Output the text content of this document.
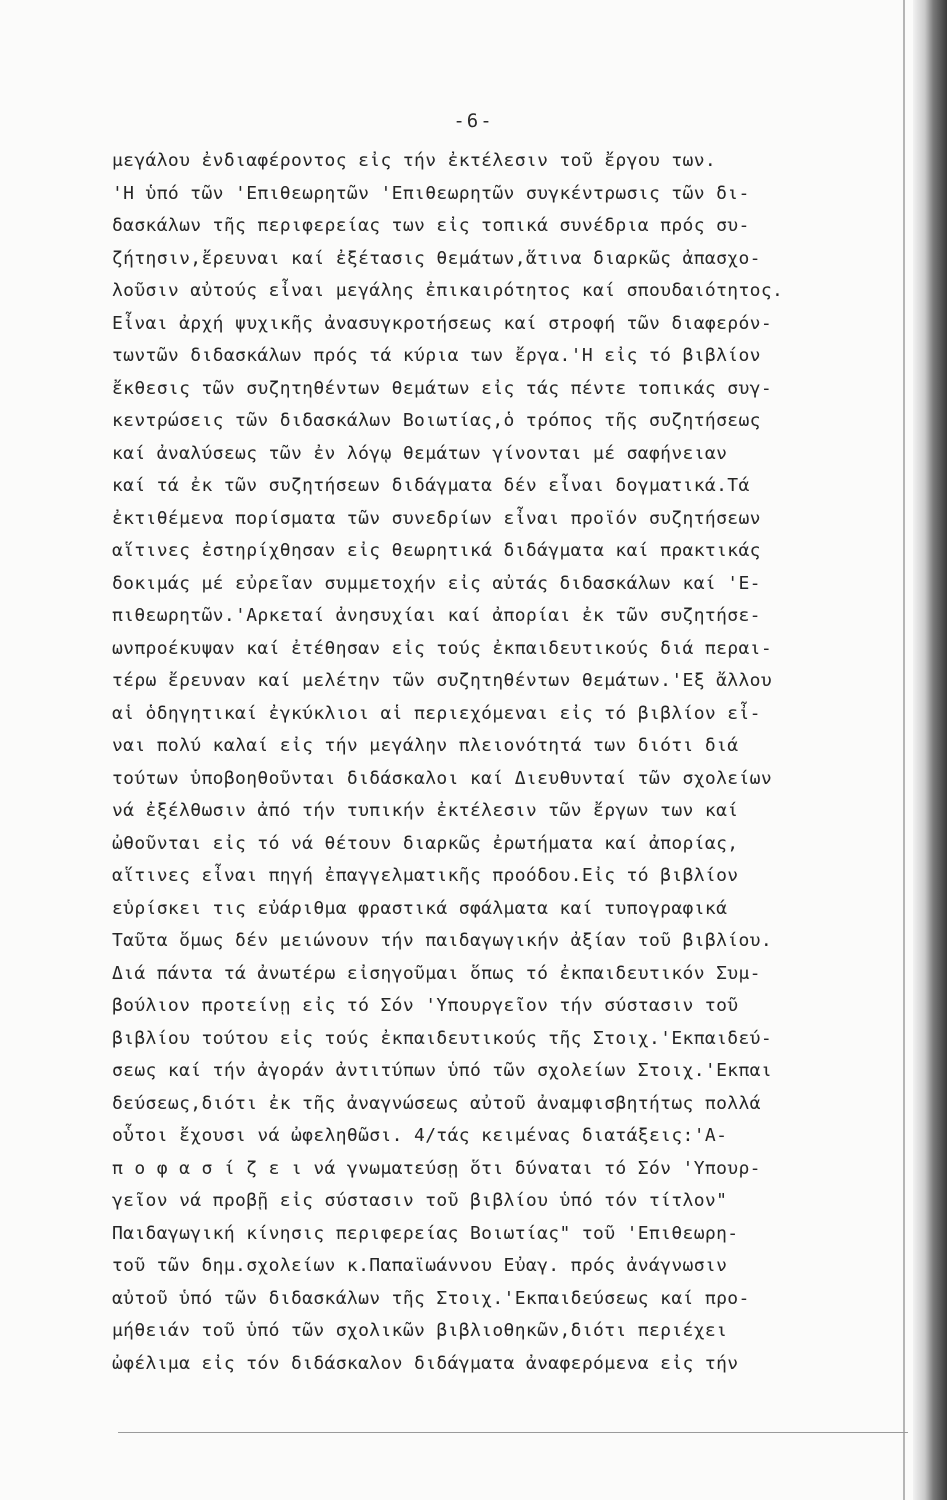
-6-
μεγάλου ἐνδιαφέροντος εἰς τήν ἐκτέλεσιν τοῦ ἔργου των.
'Η ὑπό τῶν 'Επιθεωρητῶν 'Επιθεωρητῶν συγκέντρωσις τῶν δι-
δασκάλων τῆς περιφερείας των εἰς τοπικά συνέδρια πρός συ-
ζήτησιν,ἔρευναι καί ἐξέτασις θεμάτων,ἅτινα διαρκῶς ἀπασχο-
λοῦσιν αὐτούς εἶναι μεγάλης ἐπικαιρότητος καί σπουδαιότητος.
Εἶναι ἀρχή ψυχικῆς ἀνασυγκροτήσεως καί στροφή τῶν διαφερόν-
τωντῶν διδασκάλων πρός τά κύρια των ἔργα.'Η εἰς τό βιβλίον
ἔκθεσις τῶν συζητηθέντων θεμάτων εἰς τάς πέντε τοπικάς συγ-
κεντρώσεις τῶν διδασκάλων Βοιωτίας,ὁ τρόπος τῆς συζητήσεως
καί ἀναλύσεως τῶν ἐν λόγῳ θεμάτων γίνονται μέ σαφήνειαν
καί τά ἐκ τῶν συζητήσεων διδάγματα δέν εἶναι δογματικά.Τά
ἐκτιθέμενα πορίσματα τῶν συνεδρίων εἶναι προϊόν συζητήσεων
αἵτινες ἐστηρίχθησαν εἰς θεωρητικά διδάγματα καί πρακτικάς
δοκιμάς μέ εὐρεῖαν συμμετοχήν εἰς αὐτάς διδασκάλων καί 'Ε-
πιθεωρητῶν.'Αρκεταί ἀνησυχίαι καί ἀπορίαι ἐκ τῶν συζητήσε-
ωνπροέκυψαν καί ἐτέθησαν εἰς τούς ἐκπαιδευτικούς διά περαι-
τέρω ἔρευναν καί μελέτην τῶν συζητηθέντων θεμάτων.'Εξ ἄλλου
αἱ ὁδηγητικαί ἐγκύκλιοι αἱ περιεχόμεναι εἰς τό βιβλίον εἶ-
ναι πολύ καλαί εἰς τήν μεγάλην πλειονότητά των διότι διά
τούτων ὑποβοηθοῦνται διδάσκαλοι καί Διευθυνταί τῶν σχολείων
νά ἐξέλθωσιν ἀπό τήν τυπικήν ἐκτέλεσιν τῶν ἔργων των καί
ὠθοῦνται εἰς τό νά θέτουν διαρκῶς ἐρωτήματα καί ἀπορίας,
αἵτινες εἶναι πηγή ἐπαγγελματικῆς προόδου.Εἰς τό βιβλίον
εὑρίσκει τις εὐάριθμα φραστικά σφάλματα καί τυπογραφικά
Ταῦτα ὅμως δέν μειώνουν τήν παιδαγωγικήν ἀξίαν τοῦ βιβλίου.
Διά πάντα τά ἀνωτέρω εἰσηγοῦμαι ὅπως τό ἐκπαιδευτικόν Συμ-
βούλιον προτείνῃ εἰς τό Σόν 'Υπουργεῖον τήν σύστασιν τοῦ
βιβλίου τούτου εἰς τούς ἐκπαιδευτικούς τῆς Στοιχ.'Εκπαιδεύ-
σεως καί τήν ἀγοράν ἀντιτύπων ὑπό τῶν σχολείων Στοιχ.'Εκπαι
δεύσεως,διότι ἐκ τῆς ἀναγνώσεως αὐτοῦ ἀναμφισβητήτως πολλά
οὗτοι ἔχουσι νά ὠφεληθῶσι. 4/τάς κειμένας διατάξεις:'Α-
π ο φ α σ ί ζ ε ι νά γνωματεύσῃ ὅτι δύναται τό Σόν 'Υπουρ-
γεῖον νά προβῇ εἰς σύστασιν τοῦ βιβλίου ὑπό τόν τίτλον"
Παιδαγωγική κίνησις περιφερείας Βοιωτίας" τοῦ 'Επιθεωρη-
τοῦ τῶν δημ.σχολείων κ.Παπαϊωάννου Εὐαγ. πρός ἀνάγνωσιν
αὐτοῦ ὑπό τῶν διδασκάλων τῆς Στοιχ.'Εκπαιδεύσεως καί προ-
μήθειάν τοῦ ὑπό τῶν σχολικῶν βιβλιοθηκῶν,διότι περιέχει
ὠφέλιμα εἰς τόν διδάσκαλον διδάγματα ἀναφερόμενα εἰς τήν
